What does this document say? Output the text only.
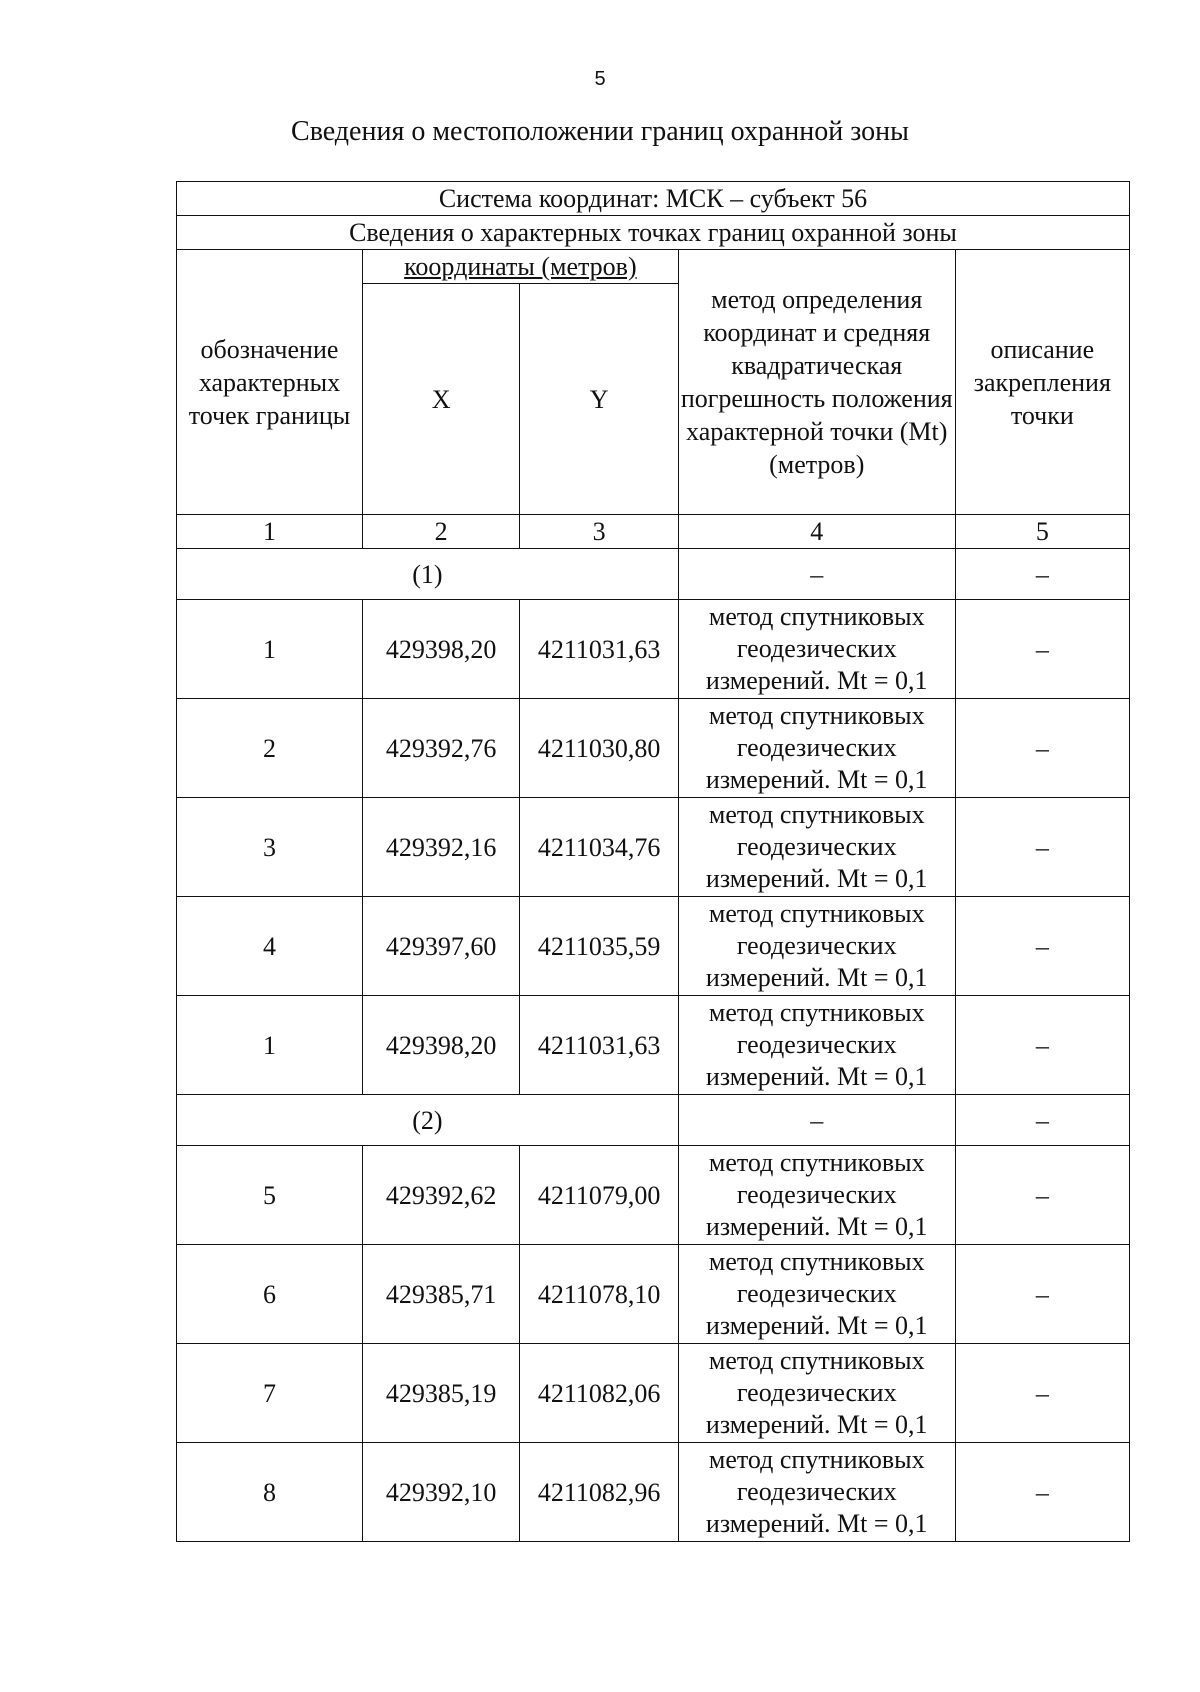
5
Сведения о местоположении границ охранной зоны
Система координат: МСК – субъект 56				
Сведения о характерных точках границ охранной зоны				
обозначение характерных точек границы	координаты (метров)		метод определения координат и средняя квадратическая погрешность положения характерной точки (Mt) (метров)	описание закрепления точки
	X	Y		
1	2	3	4	5
(1)			–	–
1	429398,20	4211031,63	метод спутниковых геодезических измерений. Mt = 0,1	–
2	429392,76	4211030,80	метод спутниковых геодезических измерений. Mt = 0,1	–
3	429392,16	4211034,76	метод спутниковых геодезических измерений. Mt = 0,1	–
4	429397,60	4211035,59	метод спутниковых геодезических измерений. Mt = 0,1	–
1	429398,20	4211031,63	метод спутниковых геодезических измерений. Mt = 0,1	–
(2)			–	–
5	429392,62	4211079,00	метод спутниковых геодезических измерений. Mt = 0,1	–
6	429385,71	4211078,10	метод спутниковых геодезических измерений. Mt = 0,1	–
7	429385,19	4211082,06	метод спутниковых геодезических измерений. Mt = 0,1	–
8	429392,10	4211082,96	метод спутниковых геодезических измерений. Mt = 0,1	–
